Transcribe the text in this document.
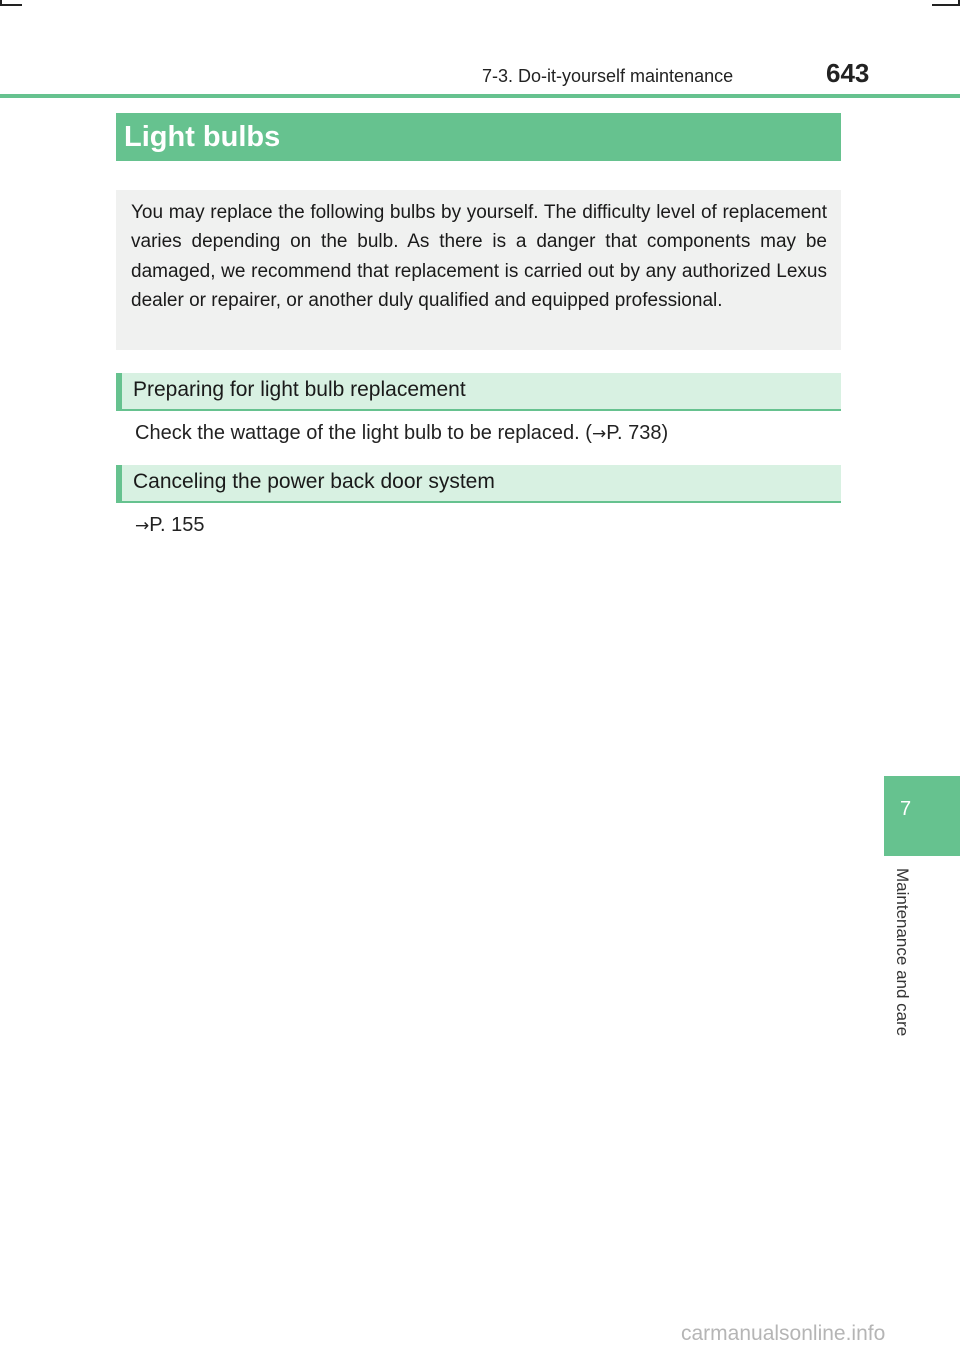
7-3. Do-it-yourself maintenance	643
Light bulbs
You may replace the following bulbs by yourself. The difficulty level of replacement varies depending on the bulb. As there is a danger that components may be damaged, we recommend that replacement is carried out by any authorized Lexus dealer or repairer, or another duly qualified and equipped professional.
Preparing for light bulb replacement
Check the wattage of the light bulb to be replaced. (→P. 738)
Canceling the power back door system
→P. 155
7
Maintenance and care
carmanualsonline.info
